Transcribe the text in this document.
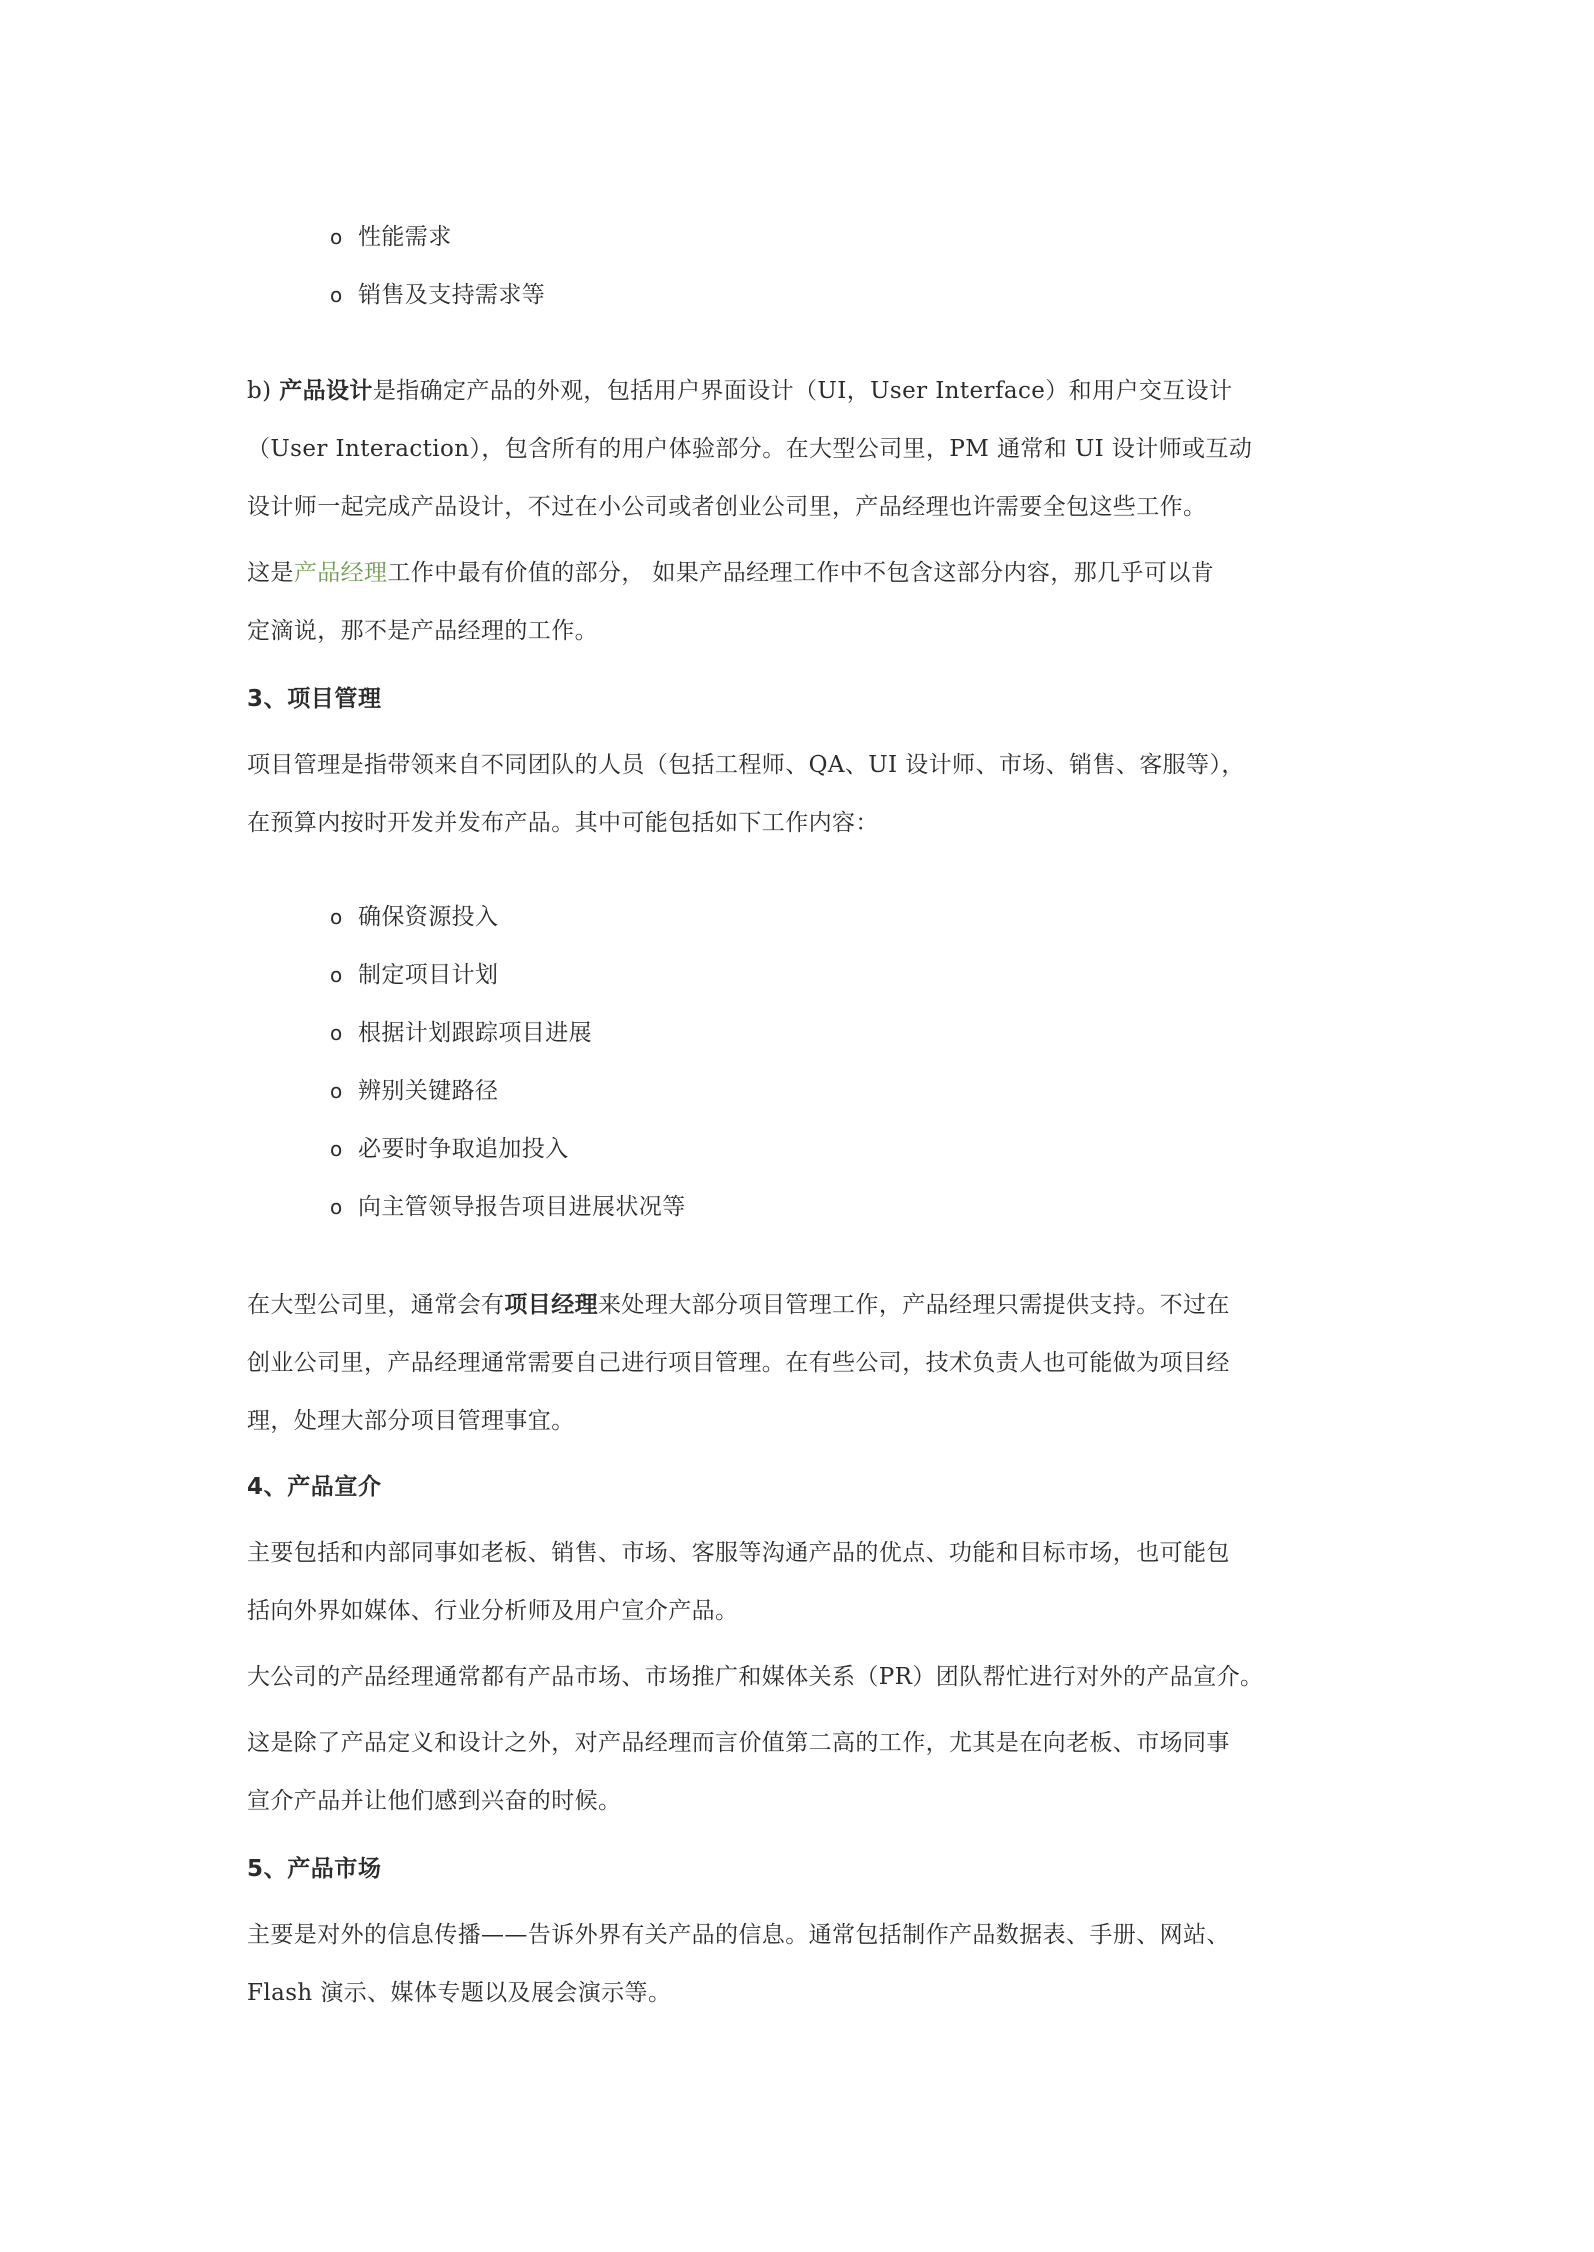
o 性能需求
o 销售及支持需求等
b) 产品设计是指确定产品的外观，包括用户界面设计（UI，User Interface）和用户交互设计
（User Interaction），包含所有的用户体验部分。在大型公司里，PM 通常和 UI 设计师或互动
设计师一起完成产品设计，不过在小公司或者创业公司里，产品经理也许需要全包这些工作。
这是产品经理工作中最有价值的部分， 如果产品经理工作中不包含这部分内容，那几乎可以肯
定滴说，那不是产品经理的工作。
3、项目管理
项目管理是指带领来自不同团队的人员（包括工程师、QA、UI 设计师、市场、销售、客服等），
在预算内按时开发并发布产品。其中可能包括如下工作内容：
o 确保资源投入
o 制定项目计划
o 根据计划跟踪项目进展
o 辨别关键路径
o 必要时争取追加投入
o 向主管领导报告项目进展状况等
在大型公司里，通常会有项目经理来处理大部分项目管理工作，产品经理只需提供支持。不过在
创业公司里，产品经理通常需要自己进行项目管理。在有些公司，技术负责人也可能做为项目经
理，处理大部分项目管理事宜。
4、产品宣介
主要包括和内部同事如老板、销售、市场、客服等沟通产品的优点、功能和目标市场，也可能包
括向外界如媒体、行业分析师及用户宣介产品。
大公司的产品经理通常都有产品市场、市场推广和媒体关系（PR）团队帮忙进行对外的产品宣介。
这是除了产品定义和设计之外，对产品经理而言价值第二高的工作，尤其是在向老板、市场同事
宣介产品并让他们感到兴奋的时候。
5、产品市场
主要是对外的信息传播——告诉外界有关产品的信息。通常包括制作产品数据表、手册、网站、
Flash 演示、媒体专题以及展会演示等。
